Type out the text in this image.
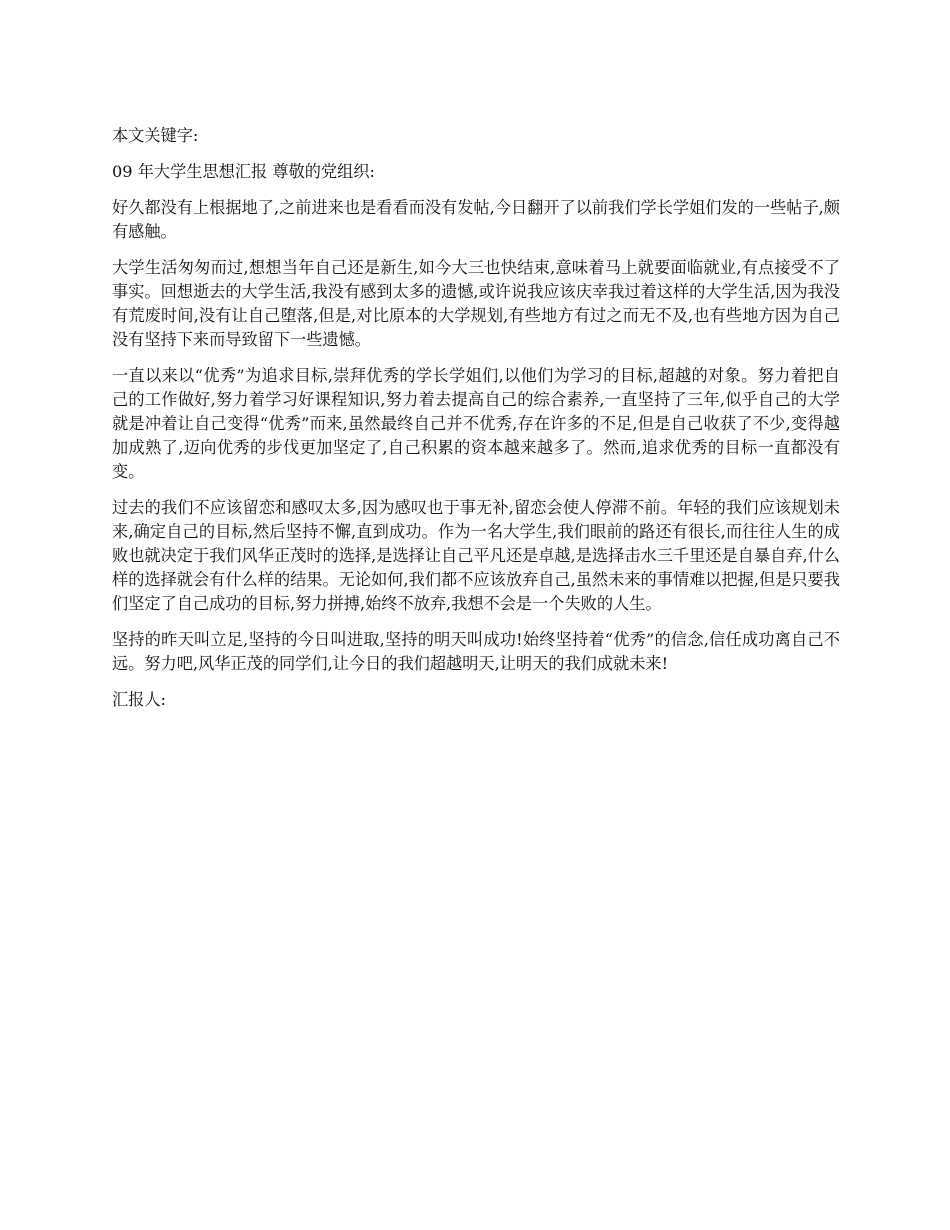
本文关键字:

09 年大学生思想汇报 尊敬的党组织:

好久都没有上根据地了,之前进来也是看看而没有发帖,今日翻开了以前我们学长学姐们发的一些帖子,颇有感触。

大学生活匆匆而过,想想当年自己还是新生,如今大三也快结束,意味着马上就要面临就业,有点接受不了事实。回想逝去的大学生活,我没有感到太多的遗憾,或许说我应该庆幸我过着这样的大学生活,因为我没有荒废时间,没有让自己堕落,但是,对比原本的大学规划,有些地方有过之而无不及,也有些地方因为自己没有坚持下来而导致留下一些遗憾。

一直以来以“优秀”为追求目标,崇拜优秀的学长学姐们,以他们为学习的目标,超越的对象。努力着把自己的工作做好,努力着学习好课程知识,努力着去提高自己的综合素养,一直坚持了三年,似乎自己的大学就是冲着让自己变得“优秀”而来,虽然最终自己并不优秀,存在许多的不足,但是自己收获了不少,变得越加成熟了,迈向优秀的步伐更加坚定了,自己积累的资本越来越多了。然而,追求优秀的目标一直都没有变。

过去的我们不应该留恋和感叹太多,因为感叹也于事无补,留恋会使人停滞不前。年轻的我们应该规划未来,确定自己的目标,然后坚持不懈,直到成功。作为一名大学生,我们眼前的路还有很长,而往往人生的成败也就决定于我们风华正茂时的选择,是选择让自己平凡还是卓越,是选择击水三千里还是自暴自弃,什么样的选择就会有什么样的结果。无论如何,我们都不应该放弃自己,虽然未来的事情难以把握,但是只要我们坚定了自己成功的目标,努力拼搏,始终不放弃,我想不会是一个失败的人生。

坚持的昨天叫立足,坚持的今日叫进取,坚持的明天叫成功!始终坚持着“优秀”的信念,信任成功离自己不远。努力吧,风华正茂的同学们,让今日的我们超越明天,让明天的我们成就未来!

汇报人:
